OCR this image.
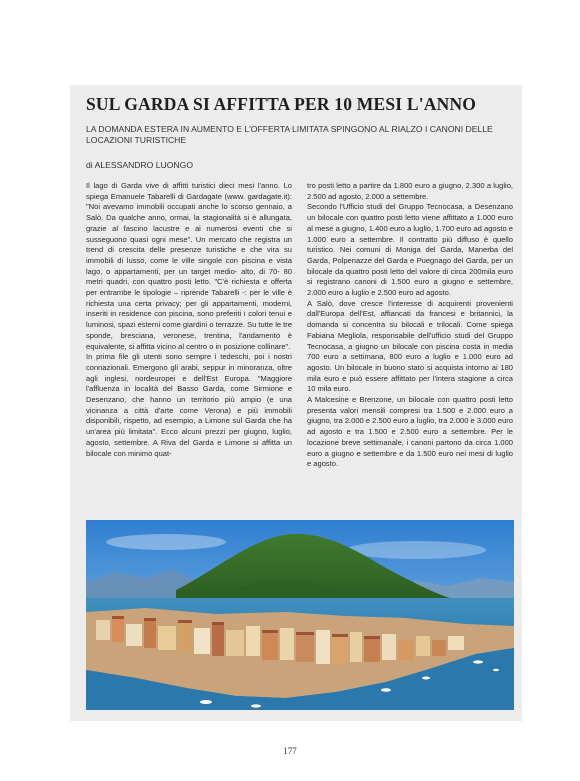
SUL GARDA SI AFFITTA PER 10 MESI L'ANNO
LA DOMANDA ESTERA IN AUMENTO E L'OFFERTA LIMITATA SPINGONO AL RIALZO I CANONI DELLE LOCAZIONI TURISTICHE
di ALESSANDRO LUONGO

Il lago di Garda vive di affitti turistici dieci mesi l'anno. Lo spiega Emanuele Tabarelli di Gardagate (www. gardagate.it): "Noi avevamo immobili occupati anche lo scorso gennaio, a Salò. Da qualche anno, ormai, la stagionalità si è allungata, grazie al fascino lacustre e ai numerosi eventi che si susseguono quasi ogni mese". Un mercato che registra un trend di crescita delle presenze turistiche e che vira su immobili di lusso, come le ville singole con piscina e vista lago, o appartamenti, per un target medio- alto, di 70- 80 metri quadri, con quattro posti letto. "C'è richiesta e offerta per entrambe le tipologie – riprende Tabarelli -: per le ville è richiesta una certa privacy; per gli appartamenti, moderni, inseriti in residence con piscina, sono preferiti i colori tenui e luminosi, spazi esterni come giardini o terrazze. Su tutte le tre sponde, bresciana, veronese, trentina, l'andamento è equivalente, si affitta vicino al centro o in posizione collinare".

In prima file gli utenti sono sempre i tedeschi, poi i nostri connazionali. Emergono gli arabi, seppur in minoranza, oltre agli inglesi, nordeuropei e dell'Est Europa. "Maggiore l'affluenza in località del Basso Garda, come Sirmione e Desenzano, che hanno un territorio più ampio (e una vicinanza a città d'arte come Verona) e più immobili disponibili, rispetto, ad esempio, a Limone sul Garda che ha un'area più limitata". Ecco alcuni prezzi per giugno, luglio, agosto, settembre. A Riva del Garda e Limone si affitta un bilocale con minimo quat-

tro posti letto a partire da 1.800 euro a giugno, 2.300 a luglio, 2.500 ad agosto, 2.000 a settembre.

Secondo l'Ufficio studi del Gruppo Tecnocasa, a Desenzano un bilocale con quattro posti letto viene affittato a 1.000 euro al mese a giugno, 1.400 euro a luglio, 1.700 euro ad agosto e 1.000 euro a settembre. Il contratto più diffuso è quello turistico. Nei comuni di Moniga del Garda, Manerba del Garda, Polpenazze del Garda e Puegnago del Garda, per un bilocale da quattro posti letto del valore di circa 200mila euro si registrano canoni di 1.500 euro a giugno e settembre, 2.000 euro a luglio e 2.500 euro ad agosto.

A Salò, dove cresce l'interesse di acquirenti provenienti dall'Europa dell'Est, affiancati da francesi e britannici, la domanda si concentra su bilocali e trilocali. Come spiega Fabiana Megliola, responsabile dell'ufficio studi del Gruppo Tecnocasa, a giugno un bilocale con piscina costa in media 700 euro a settimana, 800 euro a luglio e 1.000 euro ad agosto. Un bilocale in buono stato si acquista intorno ai 180 mila euro e può essere affittato per l'intera stagione a circa 10 mila euro.

A Malcesine e Brenzone, un bilocale con quattro posti letto presenta valori mensili compresi tra 1.500 e 2.000 euro a giugno, tra 2.000 e 2.500 euro a luglio, tra 2.000 e 3.000 euro ad agosto e tra 1.500 e 2.500 euro a settembre. Per le locazione breve settimanale, i canoni partono da circa 1.000 euro a giugno e settembre e da 1.500 euro nei mesi di luglio e agosto.

177
